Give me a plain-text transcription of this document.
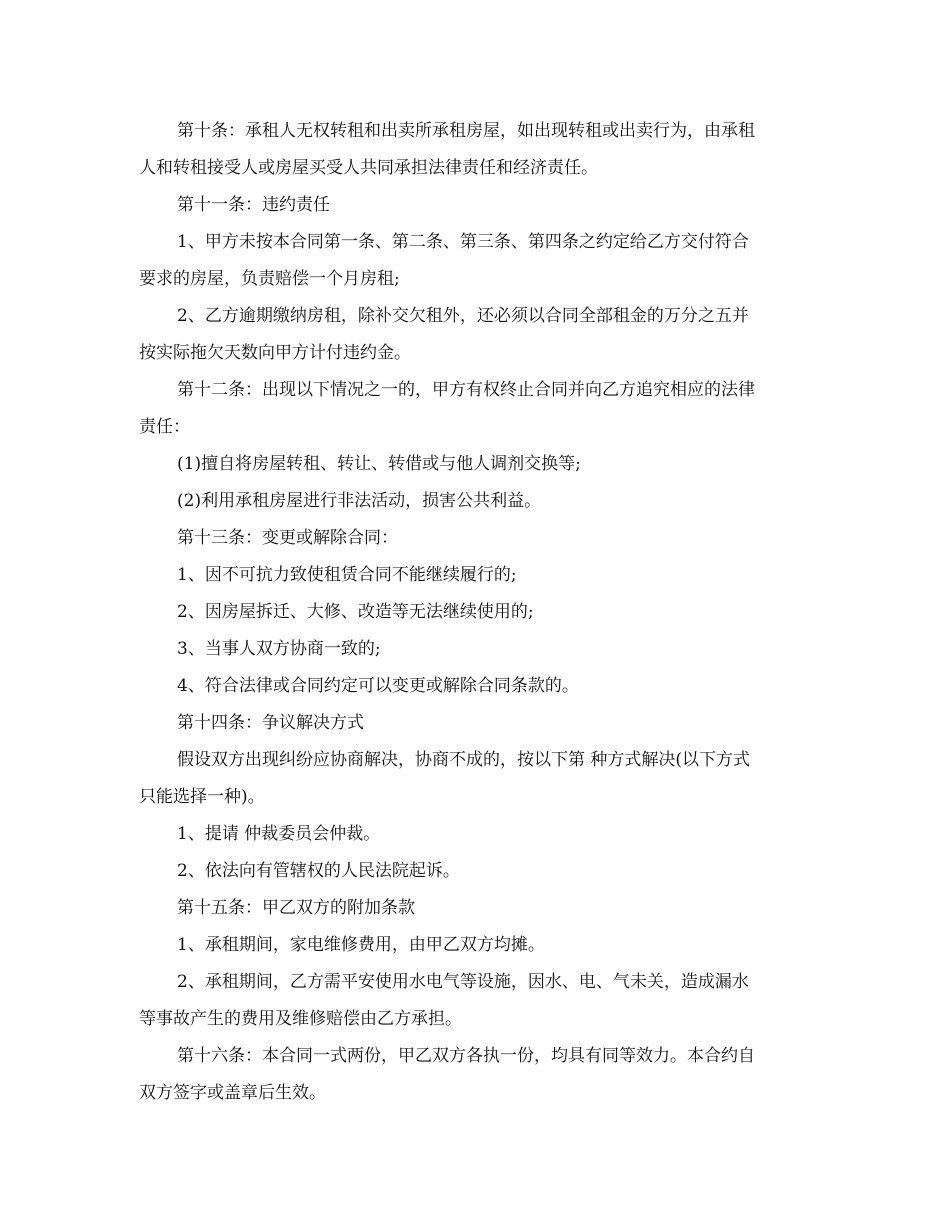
第十条：承租人无权转租和出卖所承租房屋，如出现转租或出卖行为，由承租
人和转租接受人或房屋买受人共同承担法律责任和经济责任。
第十一条：违约责任
1、甲方未按本合同第一条、第二条、第三条、第四条之约定给乙方交付符合
要求的房屋，负责赔偿一个月房租;
2、乙方逾期缴纳房租，除补交欠租外，还必须以合同全部租金的万分之五并
按实际拖欠天数向甲方计付违约金。
第十二条：出现以下情况之一的，甲方有权终止合同并向乙方追究相应的法律
责任：
(1)擅自将房屋转租、转让、转借或与他人调剂交换等;
(2)利用承租房屋进行非法活动，损害公共利益。
第十三条：变更或解除合同：
1、因不可抗力致使租赁合同不能继续履行的;
2、因房屋拆迁、大修、改造等无法继续使用的;
3、当事人双方协商一致的;
4、符合法律或合同约定可以变更或解除合同条款的。
第十四条：争议解决方式
假设双方出现纠纷应协商解决，协商不成的，按以下第 种方式解决(以下方式
只能选择一种)。
1、提请 仲裁委员会仲裁。
2、依法向有管辖权的人民法院起诉。
第十五条：甲乙双方的附加条款
1、承租期间，家电维修费用，由甲乙双方均摊。
2、承租期间，乙方需平安使用水电气等设施，因水、电、气未关，造成漏水
等事故产生的费用及维修赔偿由乙方承担。
第十六条：本合同一式两份，甲乙双方各执一份，均具有同等效力。本合约自
双方签字或盖章后生效。
